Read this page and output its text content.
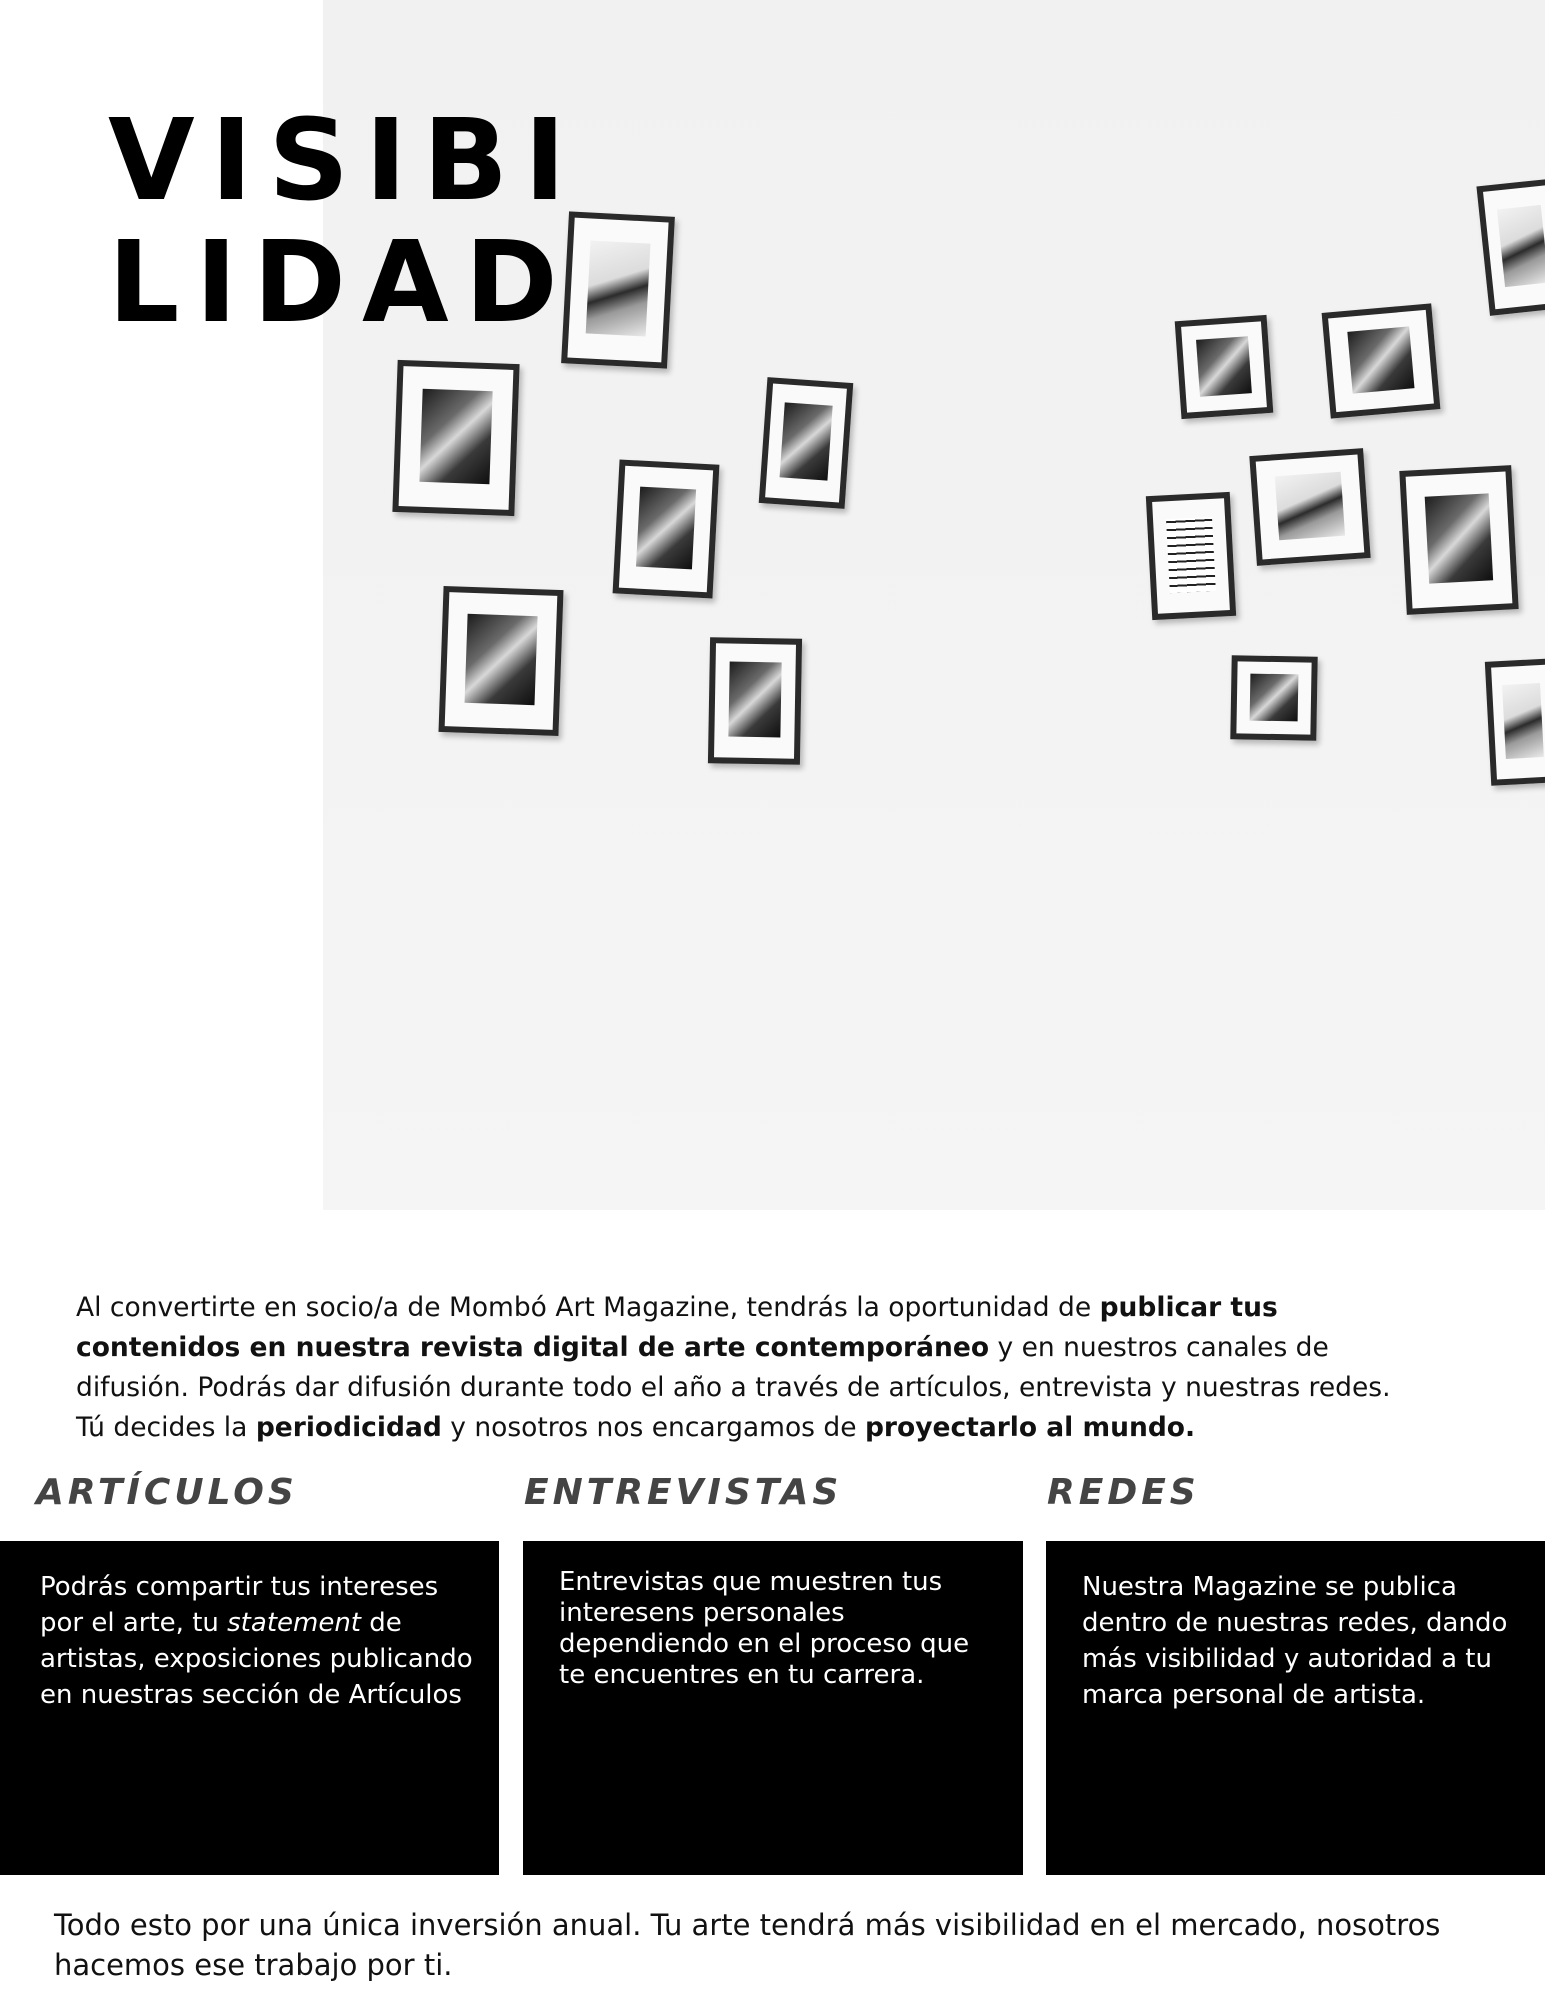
VISIBI
LIDAD

Al convertirte en socio/a de Mombó Art Magazine, tendrás la oportunidad de publicar tus contenidos en nuestra revista digital de arte contemporáneo y en nuestros canales de difusión. Podrás dar difusión durante todo el año a través de artículos, entrevista y nuestras redes. Tú decides la periodicidad y nosotros nos encargamos de proyectarlo al mundo.

ARTÍCULOS	ENTREVISTAS	REDES

Podrás compartir tus intereses por el arte, tu statement de artistas, exposiciones publicando en nuestras sección de Artículos

Entrevistas que muestren tus interesens personales dependiendo en el proceso que te encuentres en tu carrera.

Nuestra Magazine se publica dentro de nuestras redes, dando más visibilidad y autoridad a tu marca personal de artista.

Todo esto por una única inversión anual. Tu arte tendrá más visibilidad en el mercado, nosotros hacemos ese trabajo por ti.
